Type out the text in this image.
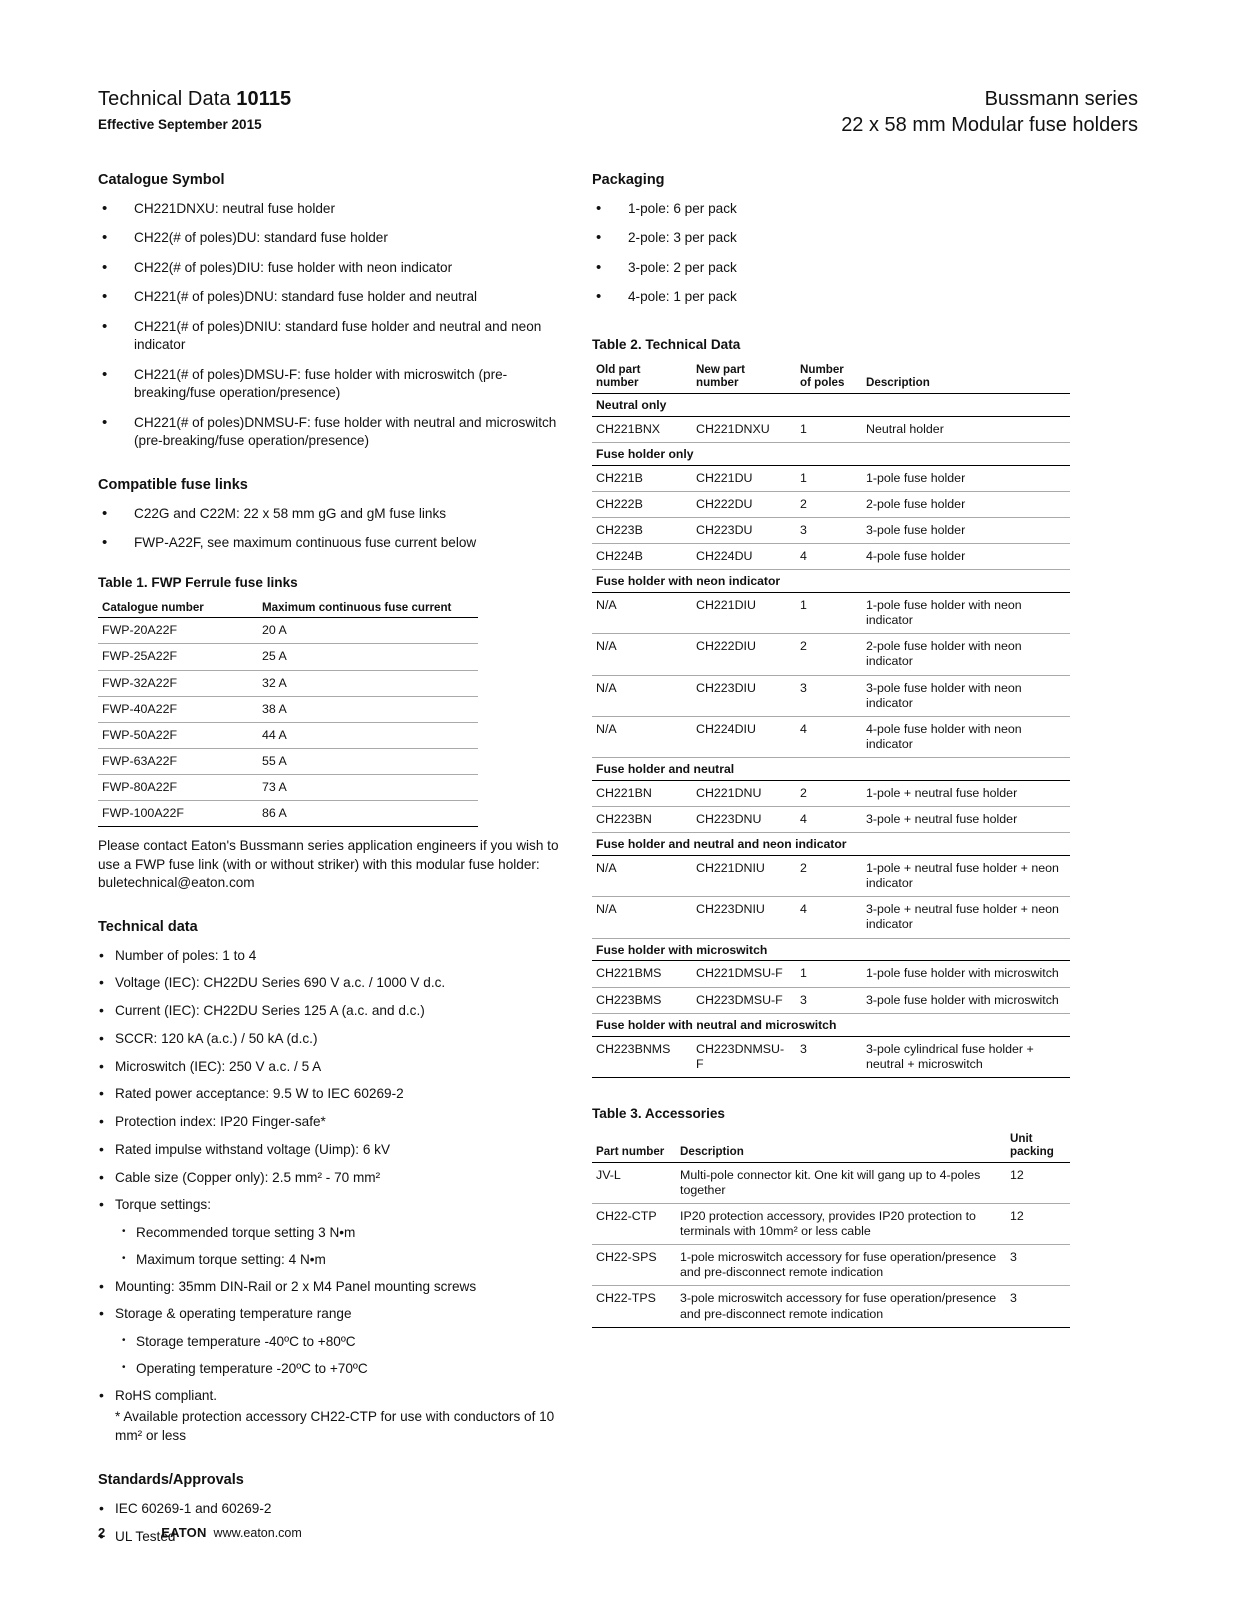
Technical Data 10115
Effective September 2015
Bussmann series
22 x 58 mm Modular fuse holders
Catalogue Symbol
• CH221DNXU: neutral fuse holder
• CH22(# of poles)DU: standard fuse holder
• CH22(# of poles)DIU: fuse holder with neon indicator
• CH221(# of poles)DNU: standard fuse holder and neutral
• CH221(# of poles)DNIU: standard fuse holder and neutral and neon indicator
• CH221(# of poles)DMSU-F: fuse holder with microswitch (pre-breaking/fuse operation/presence)
• CH221(# of poles)DNMSU-F: fuse holder with neutral and microswitch (pre-breaking/fuse operation/presence)
Compatible fuse links
• C22G and C22M: 22 x 58 mm gG and gM fuse links
• FWP-A22F, see maximum continuous fuse current below
Table 1. FWP Ferrule fuse links
Catalogue number	Maximum continuous fuse current
FWP-20A22F	20 A
FWP-25A22F	25 A
FWP-32A22F	32 A
FWP-40A22F	38 A
FWP-50A22F	44 A
FWP-63A22F	55 A
FWP-80A22F	73 A
FWP-100A22F	86 A
Please contact Eaton's Bussmann series application engineers if you wish to use a FWP fuse link (with or without striker) with this modular fuse holder: buletechnical@eaton.com
Technical data
• Number of poles: 1 to 4
• Voltage (IEC): CH22DU Series 690 V a.c. / 1000 V d.c.
• Current (IEC): CH22DU Series 125 A (a.c. and d.c.)
• SCCR: 120 kA (a.c.) / 50 kA (d.c.)
• Microswitch (IEC): 250 V a.c. / 5 A
• Rated power acceptance: 9.5 W to IEC 60269-2
• Protection index: IP20 Finger-safe*
• Rated impulse withstand voltage (Uimp): 6 kV
• Cable size (Copper only): 2.5 mm² - 70 mm²
• Torque settings:
• Recommended torque setting 3 N•m
• Maximum torque setting: 4 N•m
• Mounting: 35mm DIN-Rail or 2 x M4 Panel mounting screws
• Storage & operating temperature range
• Storage temperature -40ºC to +80ºC
• Operating temperature -20ºC to +70ºC
• RoHS compliant.
* Available protection accessory CH22-CTP for use with conductors of 10 mm² or less
Standards/Approvals
• IEC 60269-1 and 60269-2
• UL Tested
Packaging
• 1-pole: 6 per pack
• 2-pole: 3 per pack
• 3-pole: 2 per pack
• 4-pole: 1 per pack
Table 2. Technical Data
Old part number	New part number	Number of poles	Description
Neutral only			
CH221BNX	CH221DNXU	1	Neutral holder
Fuse holder only			
CH221B	CH221DU	1	1-pole fuse holder
CH222B	CH222DU	2	2-pole fuse holder
CH223B	CH223DU	3	3-pole fuse holder
CH224B	CH224DU	4	4-pole fuse holder
Fuse holder with neon indicator			
N/A	CH221DIU	1	1-pole fuse holder with neon indicator
N/A	CH222DIU	2	2-pole fuse holder with neon indicator
N/A	CH223DIU	3	3-pole fuse holder with neon indicator
N/A	CH224DIU	4	4-pole fuse holder with neon indicator
Fuse holder and neutral			
CH221BN	CH221DNU	2	1-pole + neutral fuse holder
CH223BN	CH223DNU	4	3-pole + neutral fuse holder
Fuse holder and neutral and neon indicator			
N/A	CH221DNIU	2	1-pole + neutral fuse holder + neon indicator
N/A	CH223DNIU	4	3-pole + neutral fuse holder + neon indicator
Fuse holder with microswitch			
CH221BMS	CH221DMSU-F	1	1-pole fuse holder with microswitch
CH223BMS	CH223DMSU-F	3	3-pole fuse holder with microswitch
Fuse holder with neutral and microswitch			
CH223BNMS	CH223DNMSU-F	3	3-pole cylindrical fuse holder + neutral + microswitch
Table 3. Accessories
Part number	Description	Unit packing
JV-L	Multi-pole connector kit. One kit will gang up to 4-poles together	12
CH22-CTP	IP20 protection accessory, provides IP20 protection to terminals with 10mm² or less cable	12
CH22-SPS	1-pole microswitch accessory for fuse operation/presence and pre-disconnect remote indication	3
CH22-TPS	3-pole microswitch accessory for fuse operation/presence and pre-disconnect remote indication	3
2	EATON www.eaton.com
